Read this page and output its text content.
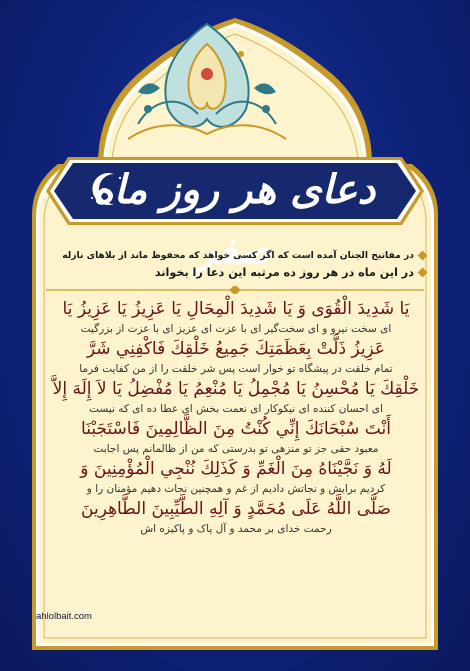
دعای هر روز ماه صفر
در مفاتیح الجنان آمده است که اگر کسی خواهد که محفوظ ماند از بلاهای نازله
در این ماه در هر روز ده مرتبه این دعا را بخواند
يَا شَدِيدَ الْقُوَى وَ يَا شَدِيدَ الْمِحَالِ يَا عَزِيزُ يَا عَزِيزُ يَا
ای سخت نیرو و ای سخت‌گیر ای با عزت ای عزیز ای با عزت از بزرگیت
عَزِيزُ ذَلَّتْ بِعَظَمَتِكَ جَمِيعُ خَلْقِكَ فَاكْفِنِي شَرَّ
تمام خلقت در پیشگاه تو خوار است پس شر خلقت را از من کفایت فرما
خَلْقِكَ يَا مُحْسِنُ يَا مُجْمِلُ يَا مُنْعِمُ يَا مُفْضِلُ يَا لاَ إِلَهَ إِلاَّ
ای احسان کننده ای نیکوکار ای نعمت بخش ای عطا ده ای که نیست
أَنْتَ سُبْحَانَكَ إِنِّي كُنْتُ مِنَ الظَّالِمِينَ فَاسْتَجَبْنَا
معبود حقی جز تو منزهی تو بدرستی که من از ظالمانم پس اجابت
لَهُ وَ نَجَّيْنَاهُ مِنَ الْغَمِّ وَ كَذَلِكَ نُنْجِي الْمُؤْمِنِينَ وَ
کردیم برایش و نجاتش دادیم از غم و همچنین نجات دهیم مؤمنان را و
صَلَّى اللَّهُ عَلَى مُحَمَّدٍ وَ آلِهِ الطَّيِّبِينَ الطَّاهِرِينَ
رحمت خدای بر محمد و آل پاک و پاکیزه اش
ahlolbait.com
